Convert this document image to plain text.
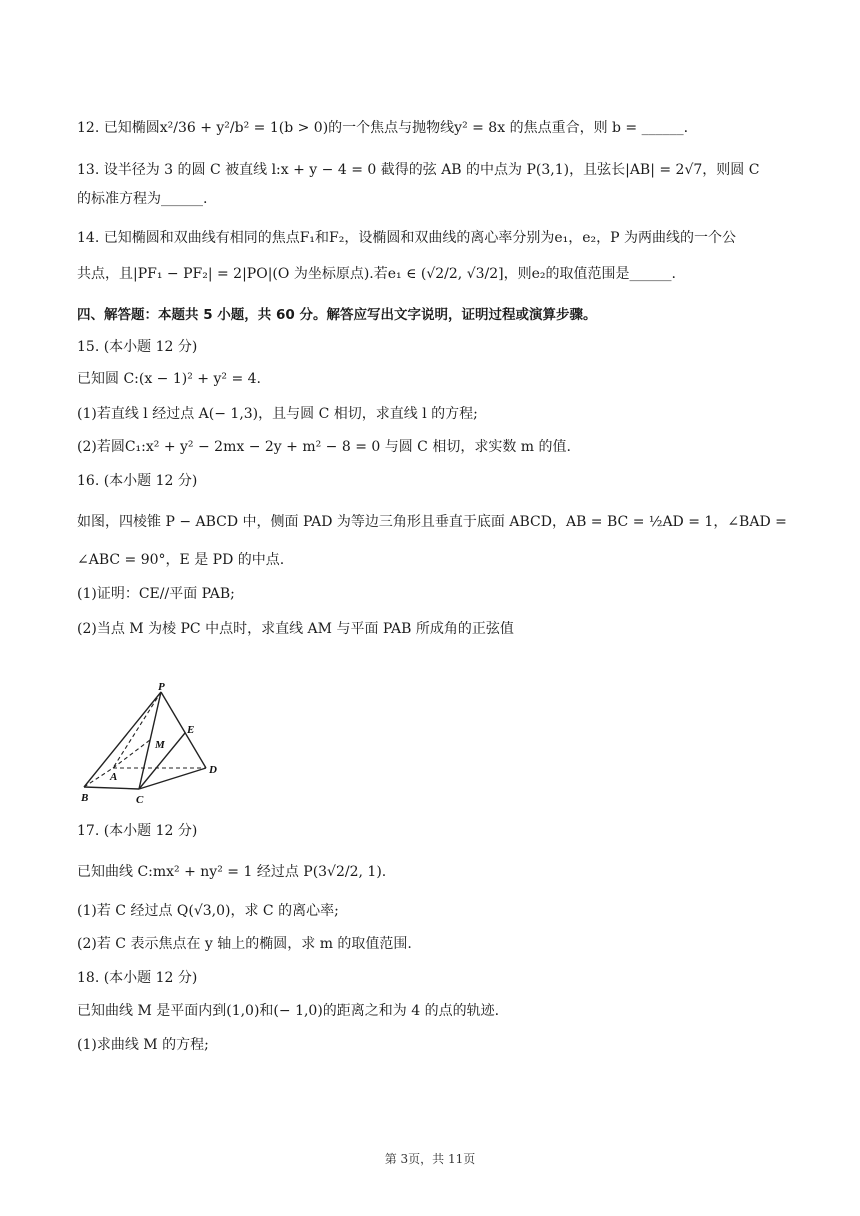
12. 已知椭圆x²/36 + y²/b² = 1(b > 0)的一个焦点与抛物线y² = 8x 的焦点重合，则 b = ______.
13. 设半径为 3 的圆 C 被直线 l:x + y − 4 = 0 截得的弦 AB 的中点为 P(3,1)，且弦长|AB| = 2√7，则圆 C
的标准方程为______.
14. 已知椭圆和双曲线有相同的焦点F₁和F₂，设椭圆和双曲线的离心率分别为e₁，e₂，P 为两曲线的一个公
共点，且|PF₁ − PF₂| = 2|PO|(O 为坐标原点).若e₁ ∈ (√2/2, √3/2]，则e₂的取值范围是______.
四、解答题：本题共 5 小题，共 60 分。解答应写出文字说明，证明过程或演算步骤。
15. (本小题 12 分)
已知圆 C:(x − 1)² + y² = 4.
(1)若直线 l 经过点 A(− 1,3)，且与圆 C 相切，求直线 l 的方程;
(2)若圆C₁:x² + y² − 2mx − 2y + m² − 8 = 0 与圆 C 相切，求实数 m 的值.
16. (本小题 12 分)
如图，四棱锥 P − ABCD 中，侧面 PAD 为等边三角形且垂直于底面 ABCD，AB = BC = ½AD = 1，∠BAD =
∠ABC = 90°，E 是 PD 的中点.
(1)证明：CE//平面 PAB;
(2)当点 M 为棱 PC 中点时，求直线 AM 与平面 PAB 所成角的正弦值
P
E
M
A
D
B	C
17. (本小题 12 分)
已知曲线 C:mx² + ny² = 1 经过点 P(3√2/2, 1).
(1)若 C 经过点 Q(√3,0)，求 C 的离心率;
(2)若 C 表示焦点在 y 轴上的椭圆，求 m 的取值范围.
18. (本小题 12 分)
已知曲线 M 是平面内到(1,0)和(− 1,0)的距离之和为 4 的点的轨迹.
(1)求曲线 M 的方程;
第 3页，共 11页
